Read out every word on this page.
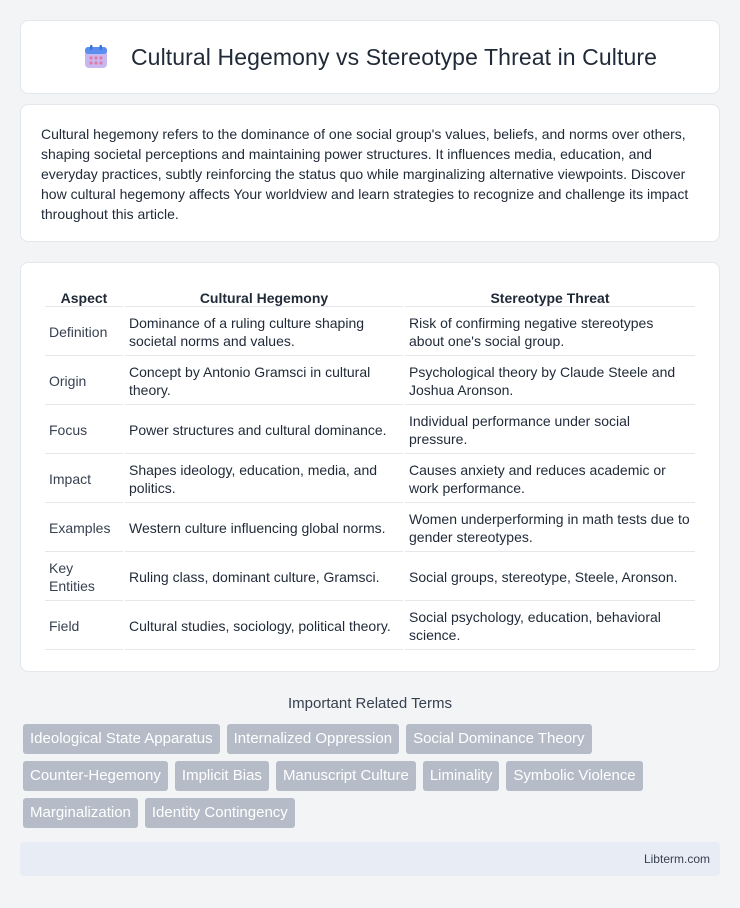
Cultural Hegemony vs Stereotype Threat in Culture

Cultural hegemony refers to the dominance of one social group's values, beliefs, and norms over others, shaping societal perceptions and maintaining power structures. It influences media, education, and everyday practices, subtly reinforcing the status quo while marginalizing alternative viewpoints. Discover how cultural hegemony affects Your worldview and learn strategies to recognize and challenge its impact throughout this article.

Aspect	Cultural Hegemony	Stereotype Threat
Definition	Dominance of a ruling culture shaping societal norms and values.	Risk of confirming negative stereotypes about one's social group.
Origin	Concept by Antonio Gramsci in cultural theory.	Psychological theory by Claude Steele and Joshua Aronson.
Focus	Power structures and cultural dominance.	Individual performance under social pressure.
Impact	Shapes ideology, education, media, and politics.	Causes anxiety and reduces academic or work performance.
Examples	Western culture influencing global norms.	Women underperforming in math tests due to gender stereotypes.
Key Entities	Ruling class, dominant culture, Gramsci.	Social groups, stereotype, Steele, Aronson.
Field	Cultural studies, sociology, political theory.	Social psychology, education, behavioral science.
Important Related Terms
Ideological State Apparatus	Internalized Oppression	Social Dominance Theory
Counter-Hegemony	Implicit Bias	Manuscript Culture	Liminality	Symbolic Violence
Marginalization	Identity Contingency
Libterm.com
